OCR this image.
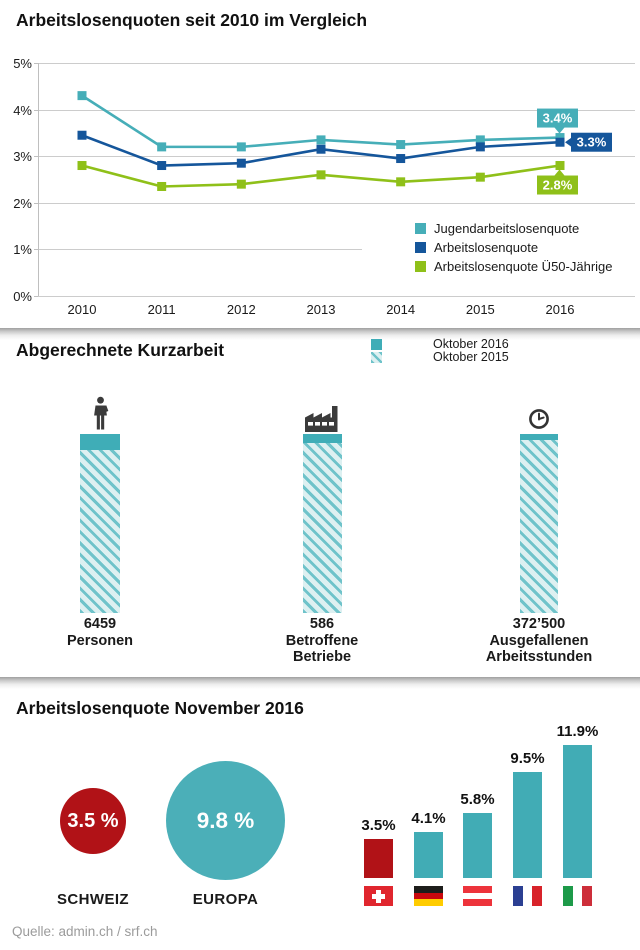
Arbeitslosenquoten seit 2010 im Vergleich
0%
1%
2%
3%
4%
5%
2010	2011	2012	2013	2014	2015	2016
3.4%
3.3%
2.8%
Jugendarbeitslosenquote
Arbeitslosenquote
Arbeitslosenquote Ü50-Jährige
Abgerechnete Kurzarbeit	Oktober 2016
Oktober 2015
6459
Personen
586
Betroffene
Betriebe
372’500
Ausgefallenen
Arbeitsstunden
Arbeitslosenquote November 2016
3.5 %
SCHWEIZ
9.8 %
EUROPA
3.5%	4.1%
5.8%
9.5%
11.9%
Quelle: admin.ch / srf.ch
